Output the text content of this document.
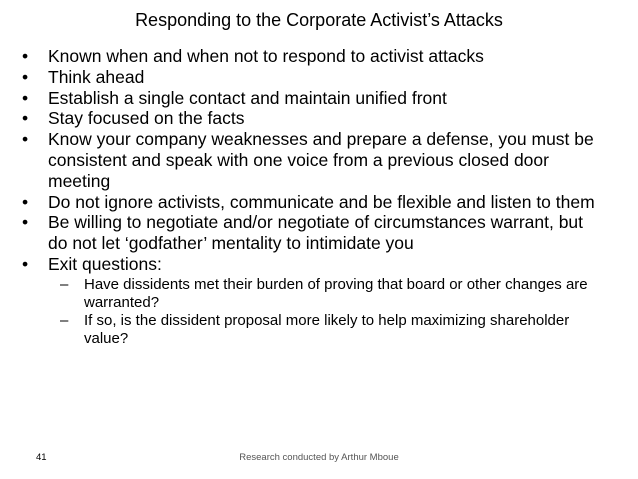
Responding to the Corporate Activist’s Attacks
•	Known when and when not to respond to activist attacks
•	Think ahead
•	Establish a single contact and maintain unified front
•	Stay focused on the facts
•	Know your company weaknesses and prepare a defense, you must be consistent and speak with one voice from a previous closed door meeting
•	Do not ignore activists, communicate and be flexible and listen to them
•	Be willing to negotiate and/or negotiate of circumstances warrant, but do not let ‘godfather’ mentality to intimidate you
•	Exit questions:
–	Have dissidents met their burden of proving that board or other changes are warranted?
–	If so, is the dissident proposal more likely to help maximizing shareholder value?
41	Research conducted by Arthur Mboue
